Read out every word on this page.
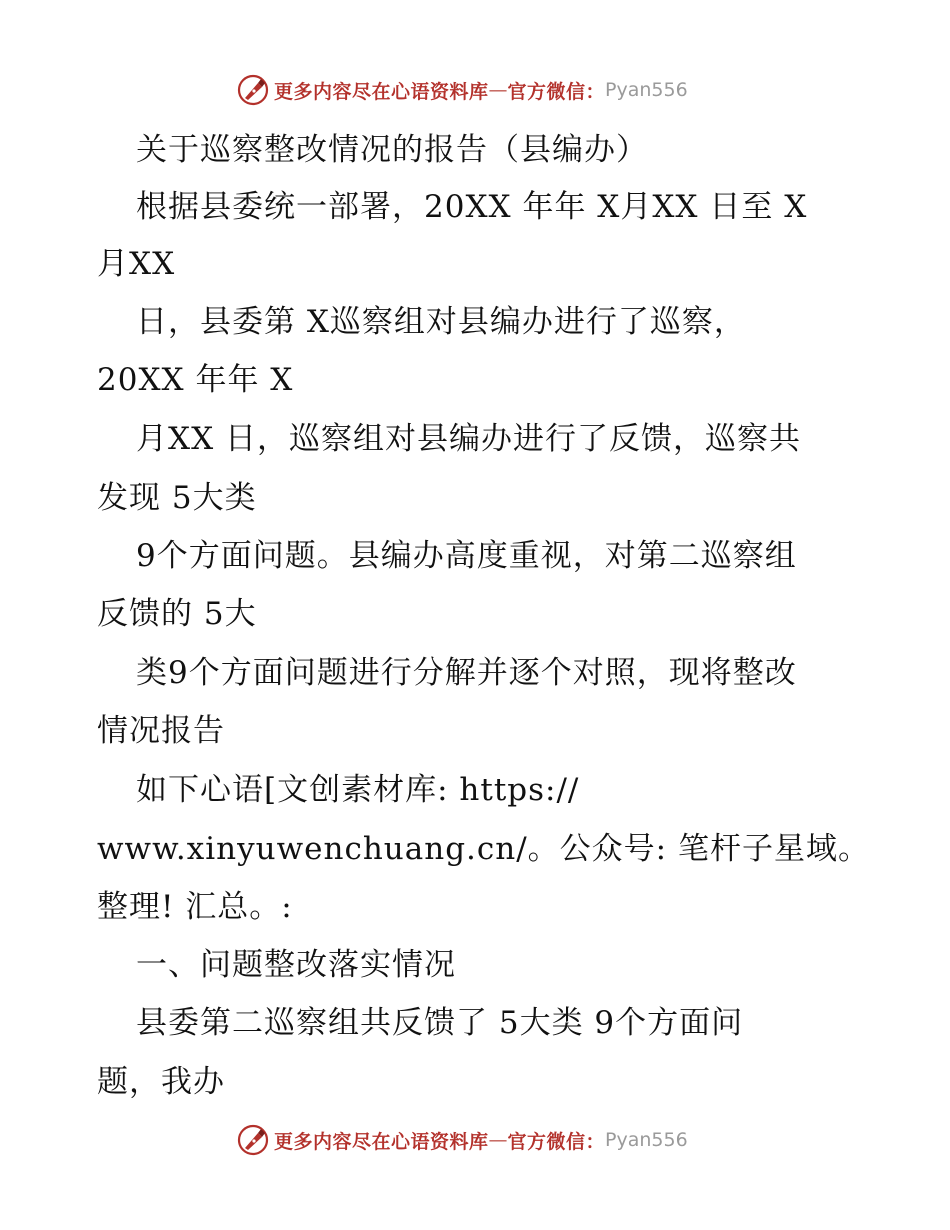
更多内容尽在心语资料库 — 官方微信： Pyan556
关于巡察整改情况的报告（县编办）
根据县委统一部署，20XX 年年 X月XX 日至 X
月XX
日，县委第 X巡察组对县编办进行了巡察，
20XX 年年 X
月XX 日，巡察组对县编办进行了反馈，巡察共
发现 5大类
9个方面问题。县编办高度重视，对第二巡察组
反馈的 5大
类9个方面问题进行分解并逐个对照，现将整改
情况报告
如下心语[文创素材库: https://
www.xinyuwenchuang.cn/。公众号: 笔杆子星域。
整理! 汇总。:
一、问题整改落实情况
县委第二巡察组共反馈了 5大类 9个方面问
题，我办
更多内容尽在心语资料库 — 官方微信： Pyan556
